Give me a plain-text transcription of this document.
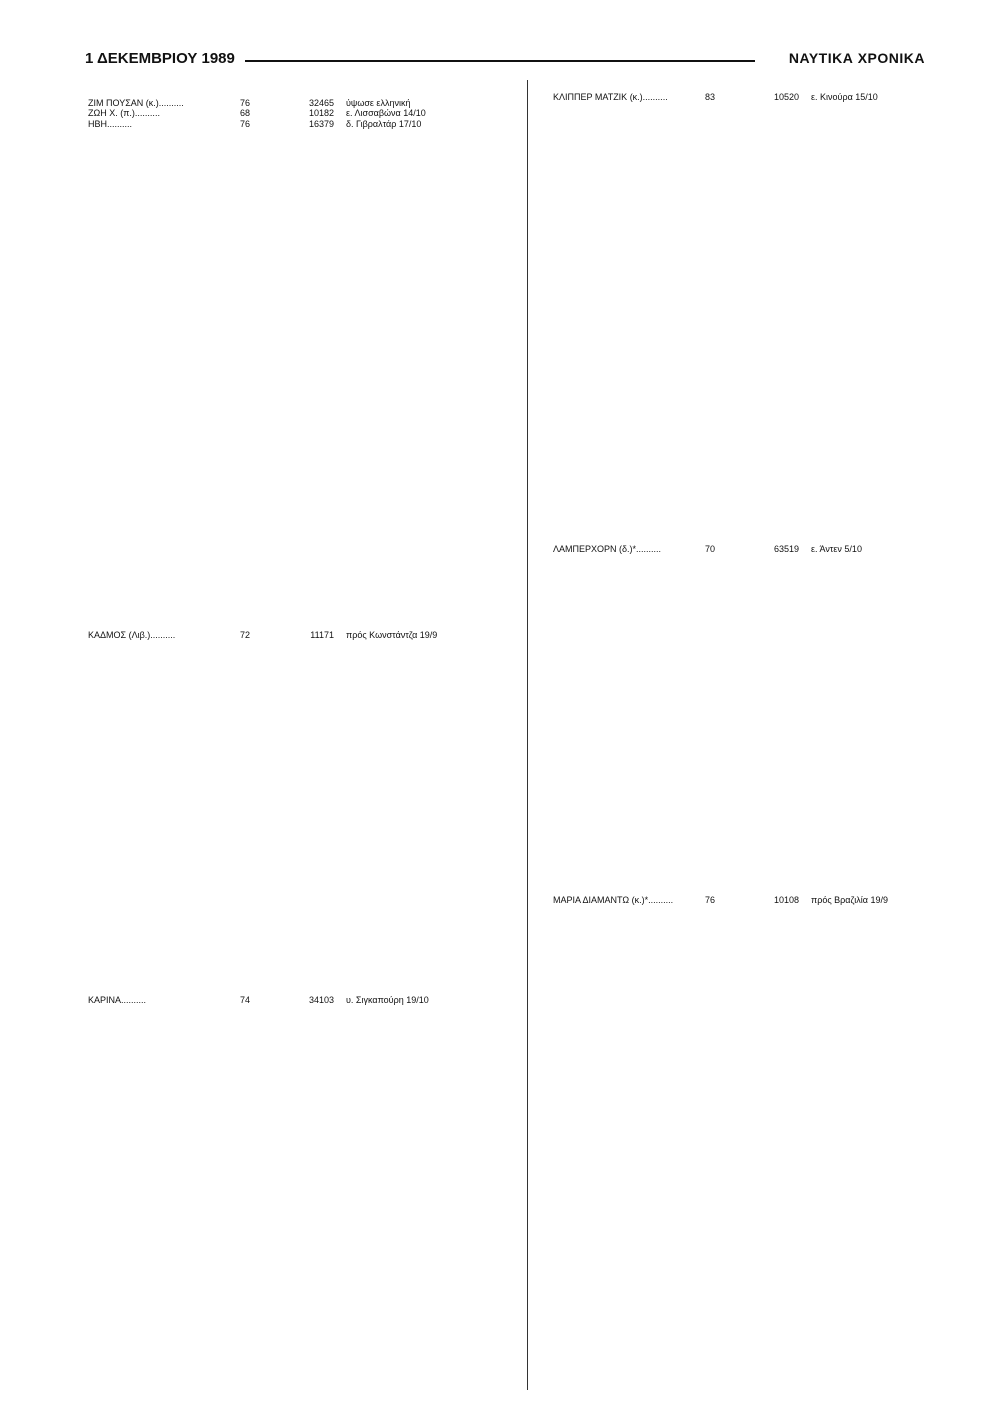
1 ΔΕΚΕΜΒΡΙΟΥ 1989	ΝΑΥΤΙΚΑ ΧΡΟΝΙΚΑ
ΖΙΜ ΠΟΥΣΑΝ (κ.)..........	76	32465	ύψωσε ελληνική
ΖΩΗ Χ. (π.)..........	68	10182	ε. Λισσαβώνα 14/10
ΗΒΗ..........	76	16379	δ. Γιβραλτάρ 17/10
ΚΑΔΜΟΣ (Λιβ.)..........	72	11171	πρός Κωνστάντζα 19/9
ΚΑΡΙΝΑ..........	74	34103	υ. Σιγκαπούρη 19/10
ΚΛΙΠΠΕΡ ΜΑΤΖΙΚ (κ.)..........	83	10520	ε. Κινούρα 15/10
ΛΑΜΠΕΡΧΟΡΝ (δ.)*..........	70	63519	ε. Άντεν 5/10
ΜΑΡΙΑ ΔΙΑΜΑΝΤΩ (κ.)*..........	76	10108	πρός Βραζιλία 19/9
